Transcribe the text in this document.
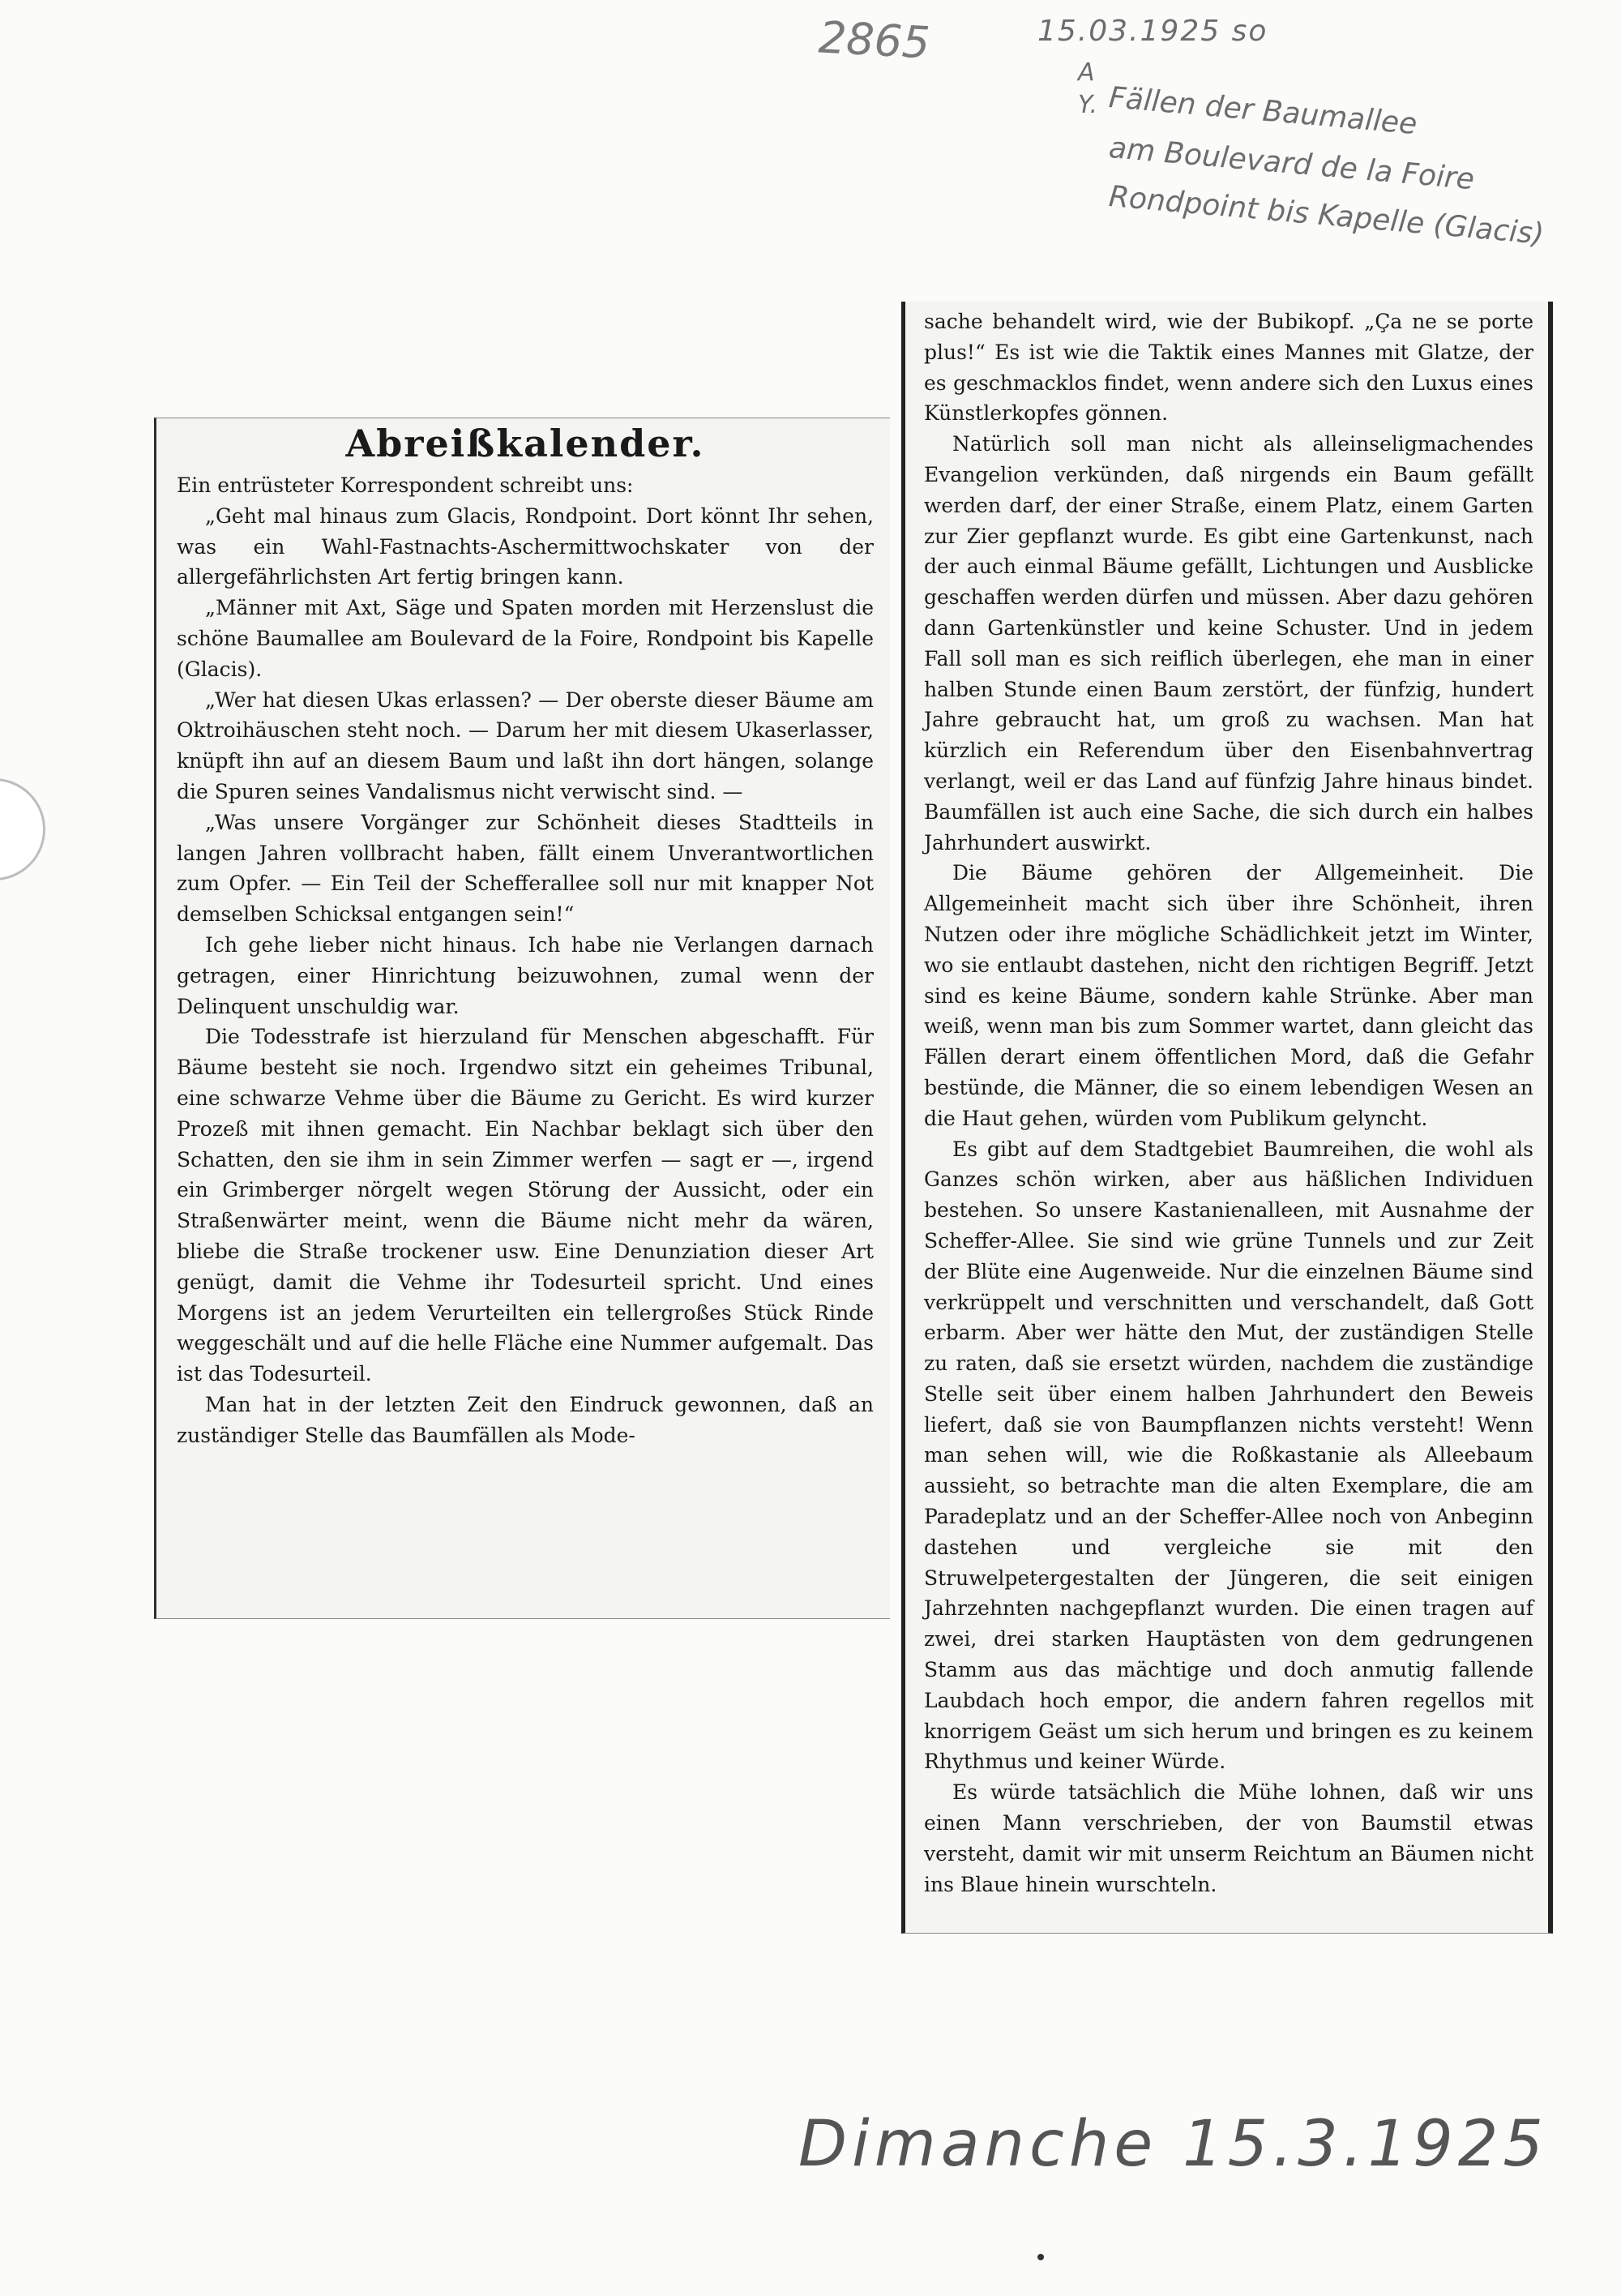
2865	15.03.1925 so
A
Y. Fällen der Baumallee
am Boulevard de la Foire
Rondpoint bis Kapelle (Glacis)
Abreißkalender.

Ein entrüsteter Korrespondent schreibt uns:

„Geht mal hinaus zum Glacis, Rondpoint. Dort könnt Ihr sehen, was ein Wahl-Fastnachts-Aschermittwochskater von der allergefährlichsten Art fertig bringen kann.

„Männer mit Axt, Säge und Spaten morden mit Herzenslust die schöne Baumallee am Boulevard de la Foire, Rondpoint bis Kapelle (Glacis).

„Wer hat diesen Ukas erlassen? — Der oberste dieser Bäume am Oktroihäuschen steht noch. — Darum her mit diesem Ukaserlasser, knüpft ihn auf an diesem Baum und laßt ihn dort hängen, solange die Spuren seines Vandalismus nicht verwischt sind. —

„Was unsere Vorgänger zur Schönheit dieses Stadtteils in langen Jahren vollbracht haben, fällt einem Unverantwortlichen zum Opfer. — Ein Teil der Schefferallee soll nur mit knapper Not demselben Schicksal entgangen sein!“

Ich gehe lieber nicht hinaus. Ich habe nie Verlangen darnach getragen, einer Hinrichtung beizuwohnen, zumal wenn der Delinquent unschuldig war.

Die Todesstrafe ist hierzuland für Menschen abgeschafft. Für Bäume besteht sie noch. Irgendwo sitzt ein geheimes Tribunal, eine schwarze Vehme über die Bäume zu Gericht. Es wird kurzer Prozeß mit ihnen gemacht. Ein Nachbar beklagt sich über den Schatten, den sie ihm in sein Zimmer werfen — sagt er —, irgend ein Grimberger nörgelt wegen Störung der Aussicht, oder ein Straßenwärter meint, wenn die Bäume nicht mehr da wären, bliebe die Straße trockener usw. Eine Denunziation dieser Art genügt, damit die Vehme ihr Todesurteil spricht. Und eines Morgens ist an jedem Verurteilten ein tellergroßes Stück Rinde weggeschält und auf die helle Fläche eine Nummer aufgemalt. Das ist das Todesurteil.

Man hat in der letzten Zeit den Eindruck gewonnen, daß an zuständiger Stelle das Baumfällen als Mode-

sache behandelt wird, wie der Bubikopf. „Ça ne se porte plus!“ Es ist wie die Taktik eines Mannes mit Glatze, der es geschmacklos findet, wenn andere sich den Luxus eines Künstlerkopfes gönnen.

Natürlich soll man nicht als alleinseligmachendes Evangelion verkünden, daß nirgends ein Baum gefällt werden darf, der einer Straße, einem Platz, einem Garten zur Zier gepflanzt wurde. Es gibt eine Gartenkunst, nach der auch einmal Bäume gefällt, Lichtungen und Ausblicke geschaffen werden dürfen und müssen. Aber dazu gehören dann Gartenkünstler und keine Schuster. Und in jedem Fall soll man es sich reiflich überlegen, ehe man in einer halben Stunde einen Baum zerstört, der fünfzig, hundert Jahre gebraucht hat, um groß zu wachsen. Man hat kürzlich ein Referendum über den Eisenbahnvertrag verlangt, weil er das Land auf fünfzig Jahre hinaus bindet. Baumfällen ist auch eine Sache, die sich durch ein halbes Jahrhundert auswirkt.

Die Bäume gehören der Allgemeinheit. Die Allgemeinheit macht sich über ihre Schönheit, ihren Nutzen oder ihre mögliche Schädlichkeit jetzt im Winter, wo sie entlaubt dastehen, nicht den richtigen Begriff. Jetzt sind es keine Bäume, sondern kahle Strünke. Aber man weiß, wenn man bis zum Sommer wartet, dann gleicht das Fällen derart einem öffentlichen Mord, daß die Gefahr bestünde, die Männer, die so einem lebendigen Wesen an die Haut gehen, würden vom Publikum gelyncht.

Es gibt auf dem Stadtgebiet Baumreihen, die wohl als Ganzes schön wirken, aber aus häßlichen Individuen bestehen. So unsere Kastanienalleen, mit Ausnahme der Scheffer-Allee. Sie sind wie grüne Tunnels und zur Zeit der Blüte eine Augenweide. Nur die einzelnen Bäume sind verkrüppelt und verschnitten und verschandelt, daß Gott erbarm. Aber wer hätte den Mut, der zuständigen Stelle zu raten, daß sie ersetzt würden, nachdem die zuständige Stelle seit über einem halben Jahrhundert den Beweis liefert, daß sie von Baumpflanzen nichts versteht! Wenn man sehen will, wie die Roßkastanie als Alleebaum aussieht, so betrachte man die alten Exemplare, die am Paradeplatz und an der Scheffer-Allee noch von Anbeginn dastehen und vergleiche sie mit den Struwelpetergestalten der Jüngeren, die seit einigen Jahrzehnten nachgepflanzt wurden. Die einen tragen auf zwei, drei starken Hauptästen von dem gedrungenen Stamm aus das mächtige und doch anmutig fallende Laubdach hoch empor, die andern fahren regellos mit knorrigem Geäst um sich herum und bringen es zu keinem Rhythmus und keiner Würde.

Es würde tatsächlich die Mühe lohnen, daß wir uns einen Mann verschrieben, der von Baumstil etwas versteht, damit wir mit unserm Reichtum an Bäumen nicht ins Blaue hinein wurschteln.

Dimanche 15.3.1925
